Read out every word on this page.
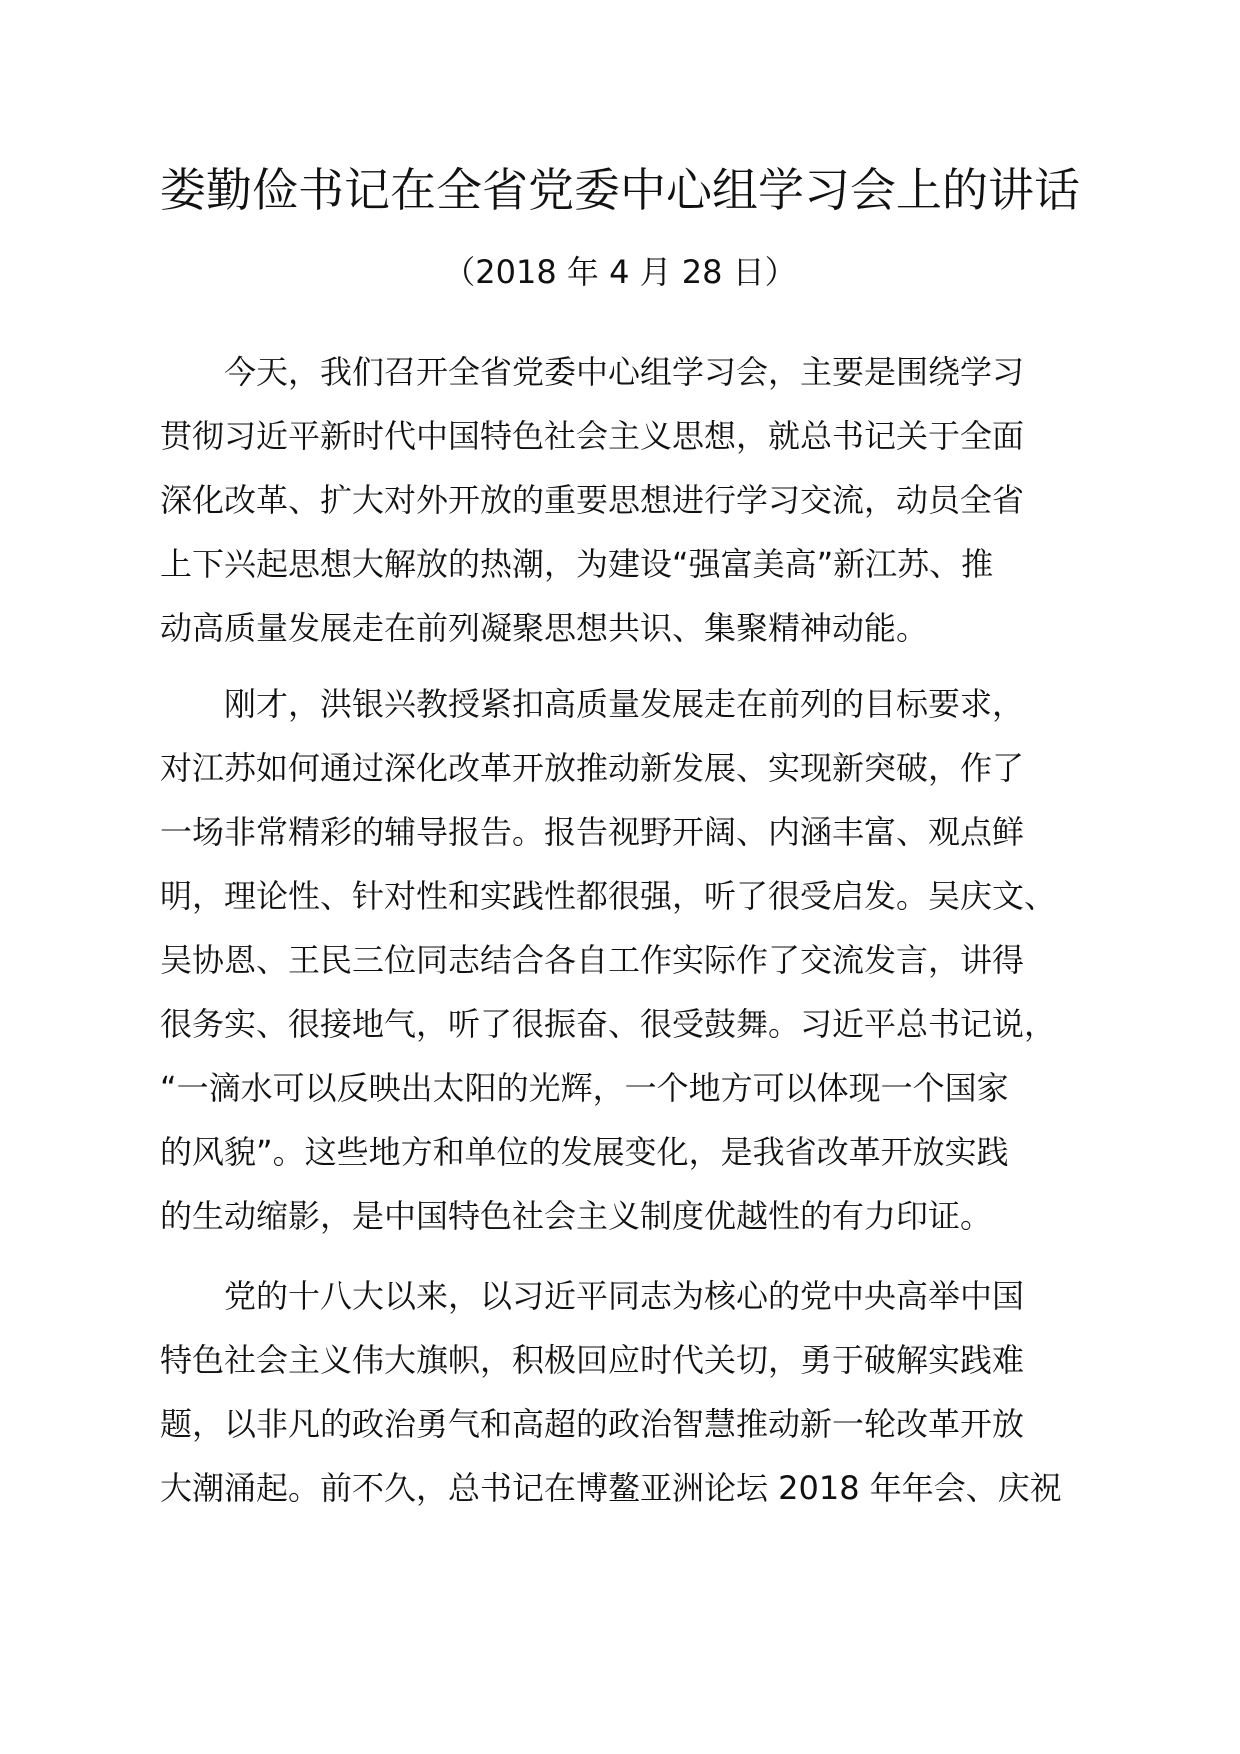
娄勤俭书记在全省党委中心组学习会上的讲话
（2018 年 4 月 28 日）
今天，我们召开全省党委中心组学习会，主要是围绕学习
贯彻习近平新时代中国特色社会主义思想，就总书记关于全面
深化改革、扩大对外开放的重要思想进行学习交流，动员全省
上下兴起思想大解放的热潮，为建设“强富美高”新江苏、推
动高质量发展走在前列凝聚思想共识、集聚精神动能。
刚才，洪银兴教授紧扣高质量发展走在前列的目标要求，
对江苏如何通过深化改革开放推动新发展、实现新突破，作了
一场非常精彩的辅导报告。报告视野开阔、内涵丰富、观点鲜
明，理论性、针对性和实践性都很强，听了很受启发。吴庆文、
吴协恩、王民三位同志结合各自工作实际作了交流发言，讲得
很务实、很接地气，听了很振奋、很受鼓舞。习近平总书记说，
“一滴水可以反映出太阳的光辉，一个地方可以体现一个国家
的风貌”。这些地方和单位的发展变化，是我省改革开放实践
的生动缩影，是中国特色社会主义制度优越性的有力印证。
党的十八大以来，以习近平同志为核心的党中央高举中国
特色社会主义伟大旗帜，积极回应时代关切，勇于破解实践难
题，以非凡的政治勇气和高超的政治智慧推动新一轮改革开放
大潮涌起。前不久，总书记在博鳌亚洲论坛 2018 年年会、庆祝
